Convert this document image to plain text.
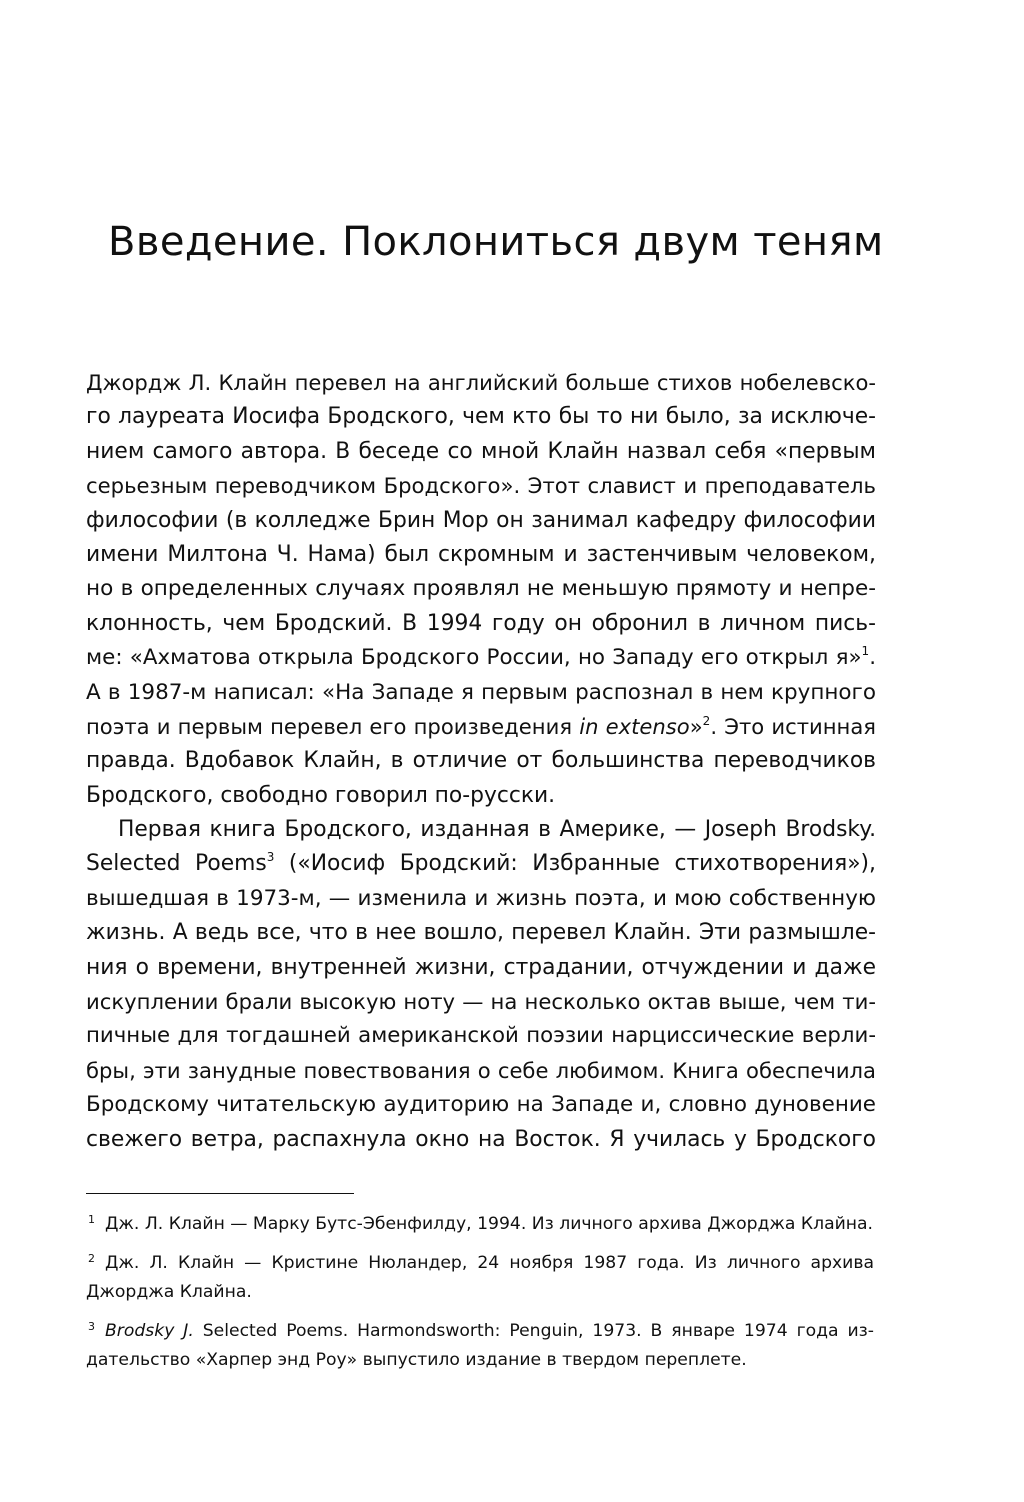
Введение. Поклониться двум теням
Джордж Л. Клайн перевел на английский больше стихов нобелевско-
го лауреата Иосифа Бродского, чем кто бы то ни было, за исключе-
нием самого автора. В беседе со мной Клайн назвал себя «первым
серьезным переводчиком Бродского». Этот славист и преподаватель
философии (в колледже Брин Мор он занимал кафедру философии
имени Милтона Ч. Нама) был скромным и застенчивым человеком,
но в определенных случаях проявлял не меньшую прямоту и непре-
клонность, чем Бродский. В 1994 году он обронил в личном пись-
ме: «Ахматова открыла Бродского России, но Западу его открыл я»$^1$.
А в 1987-м написал: «На Западе я первым распознал в нем крупного
поэта и первым перевел его произведения in extenso»$^2$. Это истинная
правда. Вдобавок Клайн, в отличие от большинства переводчиков
Бродского, свободно говорил по-русски.
Первая книга Бродского, изданная в Америке, — Joseph Brodsky.
Selected Poems$^3$ («Иосиф Бродский: Избранные стихотворения»),
вышедшая в 1973-м, — изменила и жизнь поэта, и мою собственную
жизнь. А ведь все, что в нее вошло, перевел Клайн. Эти размышле-
ния о времени, внутренней жизни, страдании, отчуждении и даже
искуплении брали высокую ноту — на несколько октав выше, чем ти-
пичные для тогдашней американской поэзии нарциссические верли-
бры, эти занудные повествования о себе любимом. Книга обеспечила
Бродскому читательскую аудиторию на Западе и, словно дуновение
свежего ветра, распахнула окно на Восток. Я училась у Бродского
$^1$ Дж. Л. Клайн — Марку Бутс-Эбенфилду, 1994. Из личного архива Джорджа Клайна.
$^2$ Дж. Л. Клайн — Кристине Нюландер, 24 ноября 1987 года. Из личного архива
Джорджа Клайна.
$^3$ Brodsky J. Selected Poems. Harmondsworth: Penguin, 1973. В январе 1974 года из-
дательство «Харпер энд Роу» выпустило издание в твердом переплете.
